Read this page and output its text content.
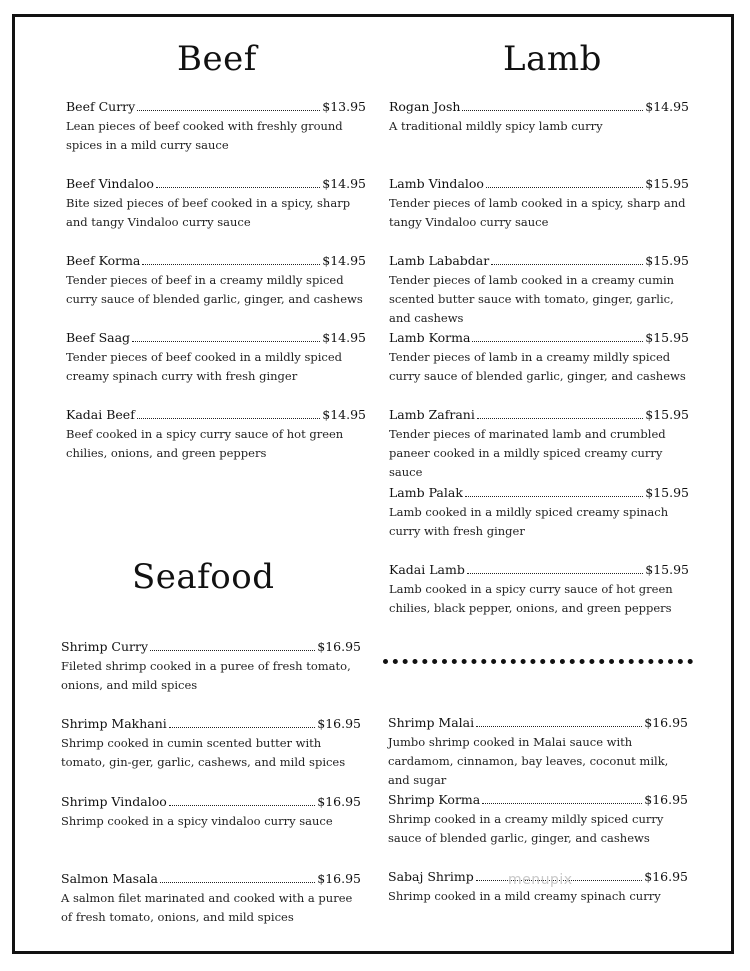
Beef	Lamb
Seafood
Beef Curry	$13.95
Lean pieces of beef cooked with freshly ground spices in a mild curry sauce
Beef Vindaloo	$14.95
Bite sized pieces of beef cooked in a spicy, sharp and tangy Vindaloo curry sauce
Beef Korma	$14.95
Tender pieces of beef in a creamy mildly spiced curry sauce of blended garlic, ginger, and cashews
Beef Saag	$14.95
Tender pieces of beef cooked in a mildly spiced creamy spinach curry with fresh ginger
Kadai Beef	$14.95
Beef cooked in a spicy curry sauce of hot green chilies, onions, and green peppers
Rogan Josh	$14.95
A traditional mildly spicy lamb curry
Lamb Vindaloo	$15.95
Tender pieces of lamb cooked in a spicy, sharp and tangy Vindaloo curry sauce
Lamb Lababdar	$15.95
Tender pieces of lamb cooked in a creamy cumin scented butter sauce with tomato, ginger, garlic, and cashews
Lamb Korma	$15.95
Tender pieces of lamb in a creamy mildly spiced curry sauce of blended garlic, ginger, and cashews
Lamb Zafrani	$15.95
Tender pieces of marinated lamb and crumbled paneer cooked in a mildly spiced creamy curry sauce
Lamb Palak	$15.95
Lamb cooked in a mildly spiced creamy spinach curry with fresh ginger
Kadai Lamb	$15.95
Lamb cooked in a spicy curry sauce of hot green chilies, black pepper, onions, and green peppers
Shrimp Curry	$16.95
Fileted shrimp cooked in a puree of fresh tomato, onions, and mild spices
Shrimp Makhani	$16.95
Shrimp cooked in cumin scented butter with tomato, gin-ger, garlic, cashews, and mild spices
Shrimp Vindaloo	$16.95
Shrimp cooked in a spicy vindaloo curry sauce
Salmon Masala	$16.95
A salmon filet marinated and cooked with a puree of fresh tomato, onions, and mild spices
Shrimp Malai	$16.95
Jumbo shrimp cooked in Malai sauce with cardamom, cinnamon, bay leaves, coconut milk, and sugar
Shrimp Korma	$16.95
Shrimp cooked in a creamy mildly spiced curry sauce of blended garlic, ginger, and cashews
Sabaj Shrimp	$16.95
Shrimp cooked in a mild creamy spinach curry
menupix
